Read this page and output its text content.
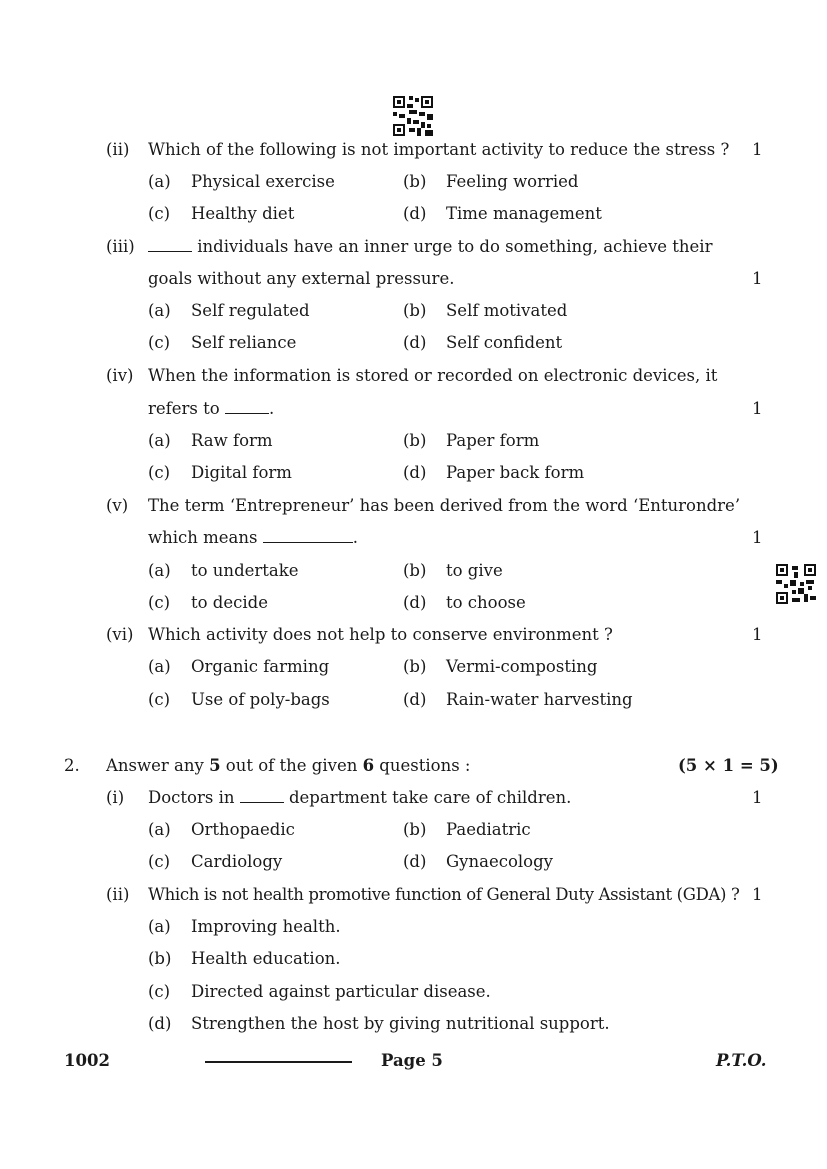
(ii) Which of the following is not important activity to reduce the stress ? 1
(a) Physical exercise	(b) Feeling worried
(c) Healthy diet	(d) Time management
(iii)	individuals have an inner urge to do something, achieve their
goals without any external pressure.	1
(a) Self regulated	(b) Self motivated
(c) Self reliance	(d) Self confident
(iv) When the information is stored or recorded on electronic devices, it
refers to	.	1
(a) Raw form	(b) Paper form
(c) Digital form	(d) Paper back form
(v) The term ‘Entrepreneur’ has been derived from the word ‘Enturondre’
which means	.	1
(a) to undertake	(b) to give
(c) to decide	(d) to choose
(vi) Which activity does not help to conserve environment ?	1
(a) Organic farming	(b) Vermi-composting
(c) Use of poly-bags	(d) Rain-water harvesting
2. Answer any 5 out of the given 6 questions :	(5 × 1 = 5)
(i) Doctors in	department take care of children.	1
(a) Orthopaedic	(b) Paediatric
(c) Cardiology	(d) Gynaecology
(ii) Which is not health promotive function of General Duty Assistant (GDA) ? 1
(a) Improving health.
(b) Health education.
(c) Directed against particular disease.
(d) Strengthen the host by giving nutritional support.
1002	Page 5	P.T.O.
